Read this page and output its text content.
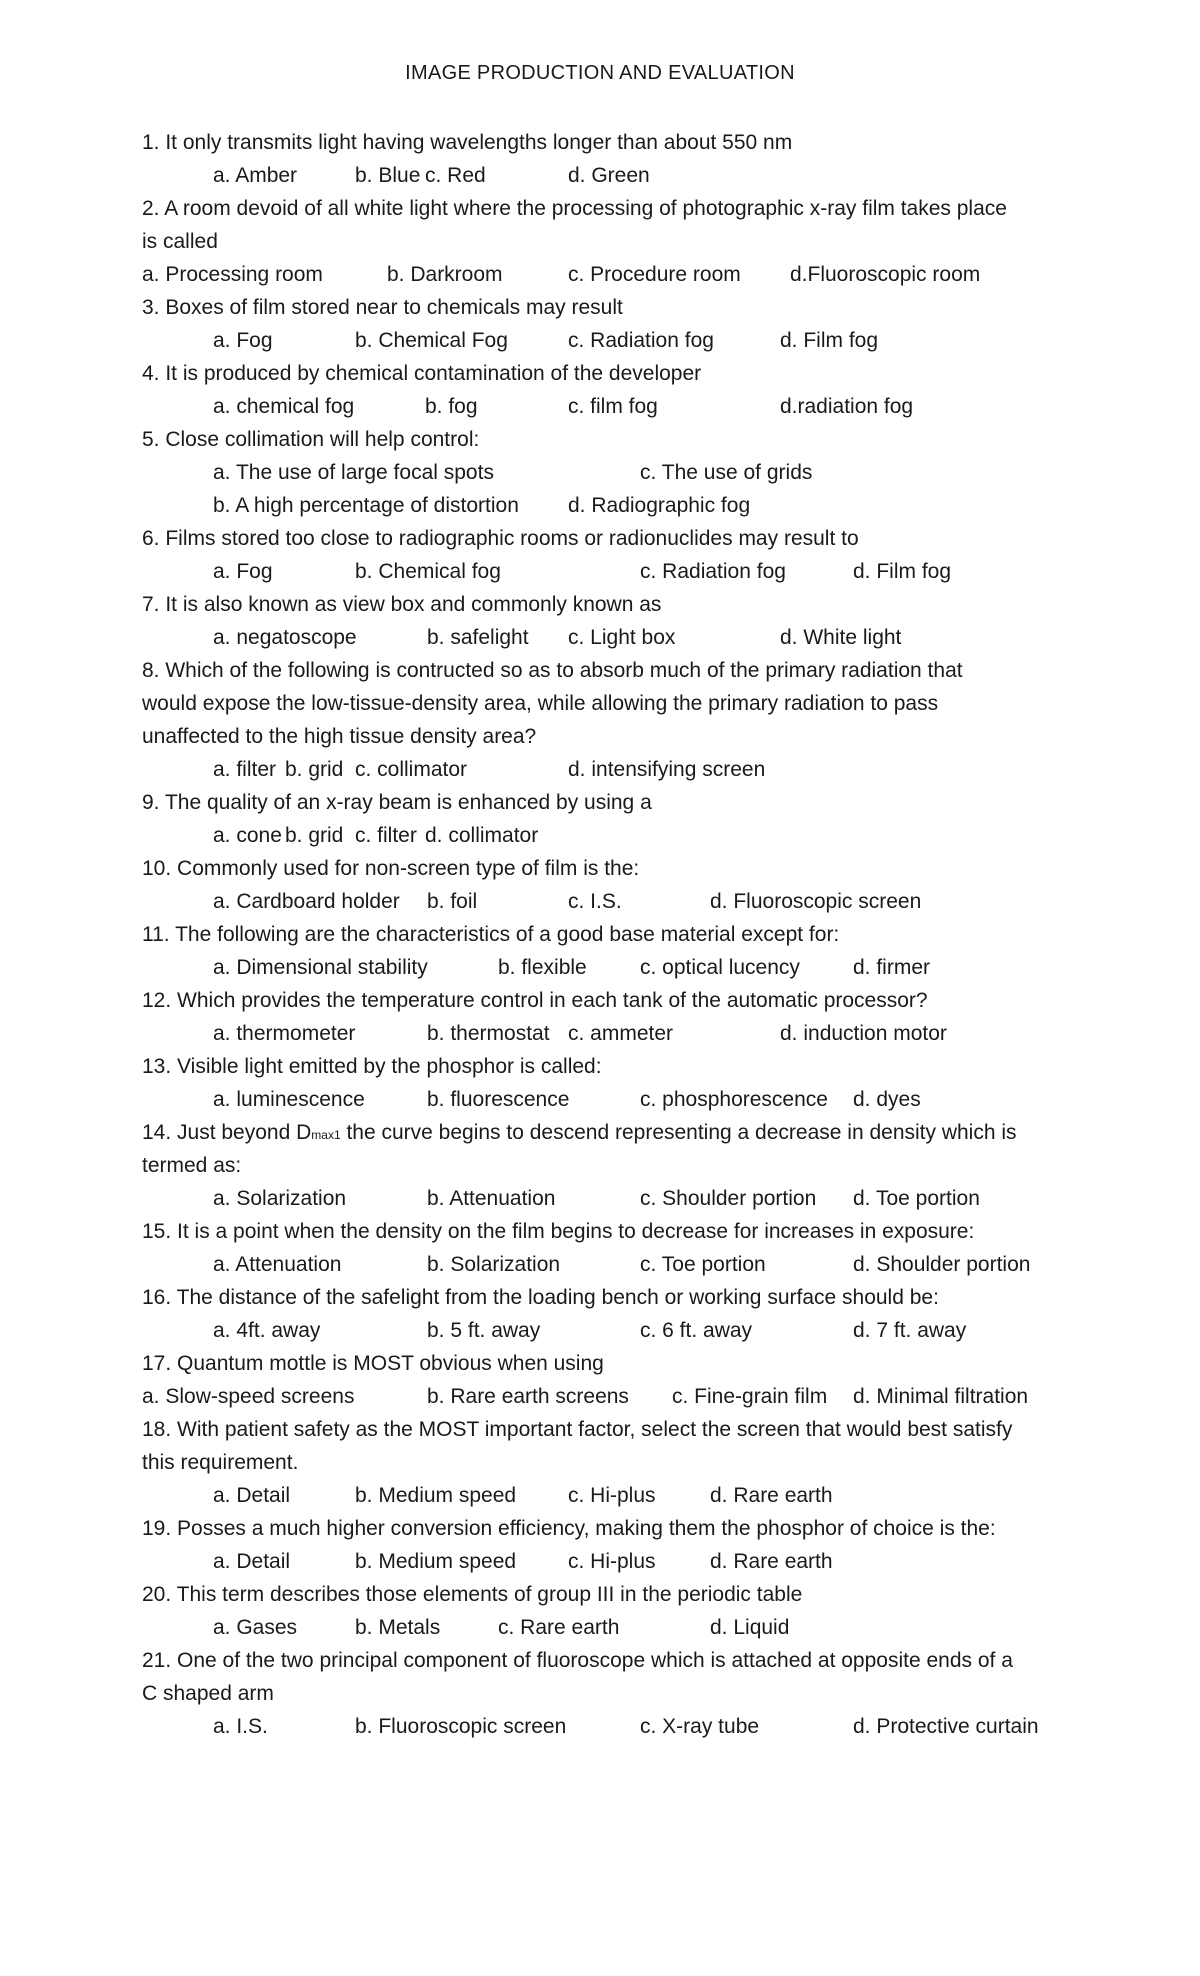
IMAGE PRODUCTION AND EVALUATION
1. It only transmits light having wavelengths longer than about 550 nm
a. Amber	b. Blue c. Red	d. Green
2. A room devoid of all white light where the processing of photographic x-ray film takes place
is called
a. Processing room	b. Darkroom	c. Procedure room d.Fluoroscopic room
3. Boxes of film stored near to chemicals may result
a. Fog	b. Chemical Fog	c. Radiation fog	d. Film fog
4. It is produced by chemical contamination of the developer
a. chemical fog	b. fog	c. film fog	d.radiation fog
5. Close collimation will help control:
a. The use of large focal spots	c. The use of grids
b. A high percentage of distortion d. Radiographic fog
6. Films stored too close to radiographic rooms or radionuclides may result to
a. Fog	b. Chemical fog	c. Radiation fog	d. Film fog
7. It is also known as view box and commonly known as
a. negatoscope	b. safelight c. Light box	d. White light
8. Which of the following is contructed so as to absorb much of the primary radiation that
would expose the low-tissue-density area, while allowing the primary radiation to pass
unaffected to the high tissue density area?
a. filter b. grid c. collimator	d. intensifying screen
9. The quality of an x-ray beam is enhanced by using a
a. cone b. grid c. filter d. collimator
10. Commonly used for non-screen type of film is the:
a. Cardboard holder b. foil	c. I.S.	d. Fluoroscopic screen
11. The following are the characteristics of a good base material except for:
a. Dimensional stability	b. flexible	c. optical lucency	d. firmer
12. Which provides the temperature control in each tank of the automatic processor?
a. thermometer	b. thermostat c. ammeter	d. induction motor
13. Visible light emitted by the phosphor is called:
a. luminescence	b. fluorescence	c. phosphorescence d. dyes
14. Just beyond Dmax1 the curve begins to descend representing a decrease in density which is
termed as:
a. Solarization	b. Attenuation	c. Shoulder portion d. Toe portion
15. It is a point when the density on the film begins to decrease for increases in exposure:
a. Attenuation	b. Solarization	c. Toe portion	d. Shoulder portion
16. The distance of the safelight from the loading bench or working surface should be:
a. 4ft. away	b. 5 ft. away	c. 6 ft. away	d. 7 ft. away
17. Quantum mottle is MOST obvious when using
a. Slow-speed screens	b. Rare earth screens c. Fine-grain film d. Minimal filtration
18. With patient safety as the MOST important factor, select the screen that would best satisfy
this requirement.
a. Detail	b. Medium speed c. Hi-plus	d. Rare earth
19. Posses a much higher conversion efficiency, making them the phosphor of choice is the:
a. Detail	b. Medium speed c. Hi-plus	d. Rare earth
20. This term describes those elements of group III in the periodic table
a. Gases	b. Metals	c. Rare earth	d. Liquid
21. One of the two principal component of fluoroscope which is attached at opposite ends of a
C shaped arm
a. I.S.	b. Fluoroscopic screen	c. X-ray tube	d. Protective curtain
